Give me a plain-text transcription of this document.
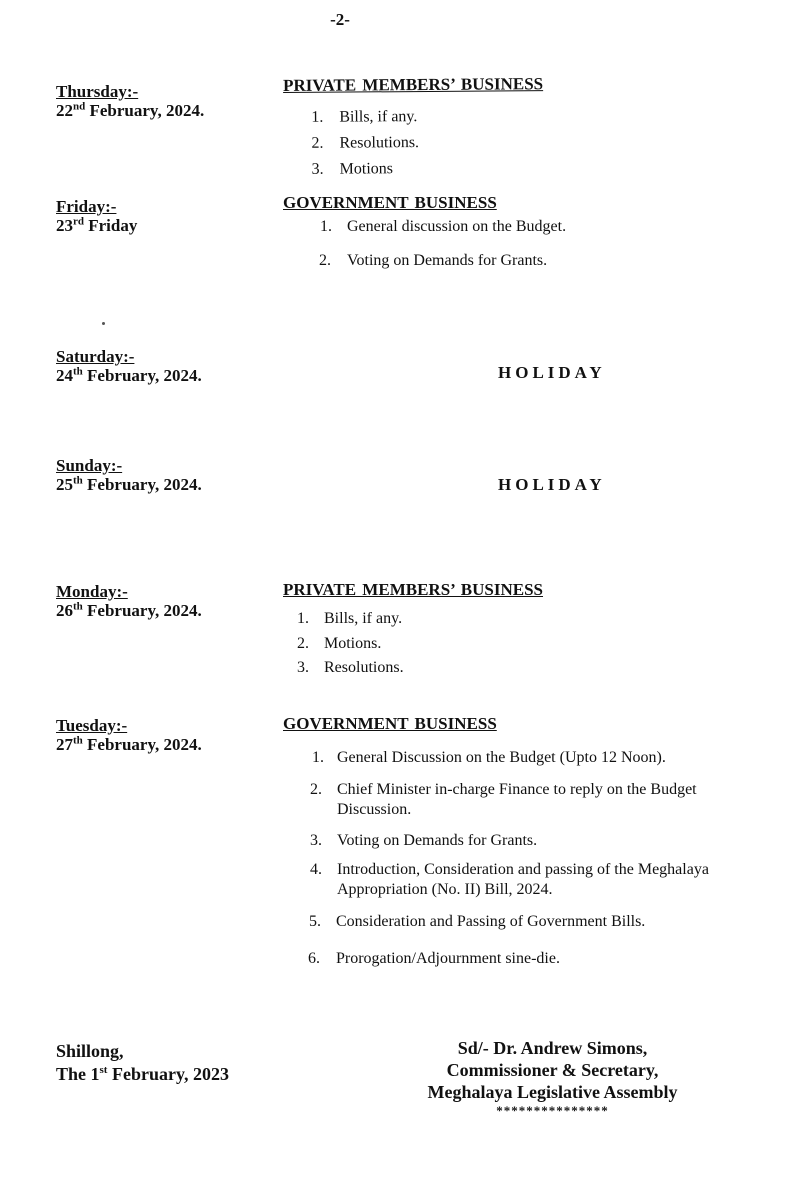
-2-
Thursday:-
22nd February, 2024.
PRIVATE MEMBERS’ BUSINESS
1. Bills, if any.
2. Resolutions.
3. Motions
Friday:-
23rd Friday
GOVERNMENT BUSINESS
1. General discussion on the Budget.
2.	Voting on Demands for Grants.
Saturday:-
24th February, 2024.	HOLIDAY
Sunday:-
25th February, 2024.	HOLIDAY
Monday:-
26th February, 2024.
PRIVATE MEMBERS’ BUSINESS
1. Bills, if any.
2. Motions.
3. Resolutions.
Tuesday:-
27th February, 2024.
GOVERNMENT BUSINESS
1. General Discussion on the Budget (Upto 12 Noon).
2. Chief Minister in-charge Finance to reply on the Budget Discussion.
3. Voting on Demands for Grants.
4. Introduction, Consideration and passing of the Meghalaya Appropriation (No. II) Bill, 2024.
5. Consideration and Passing of Government Bills.
6.	Prorogation/Adjournment sine-die.
Shillong,
The 1st February, 2023
Sd/- Dr. Andrew Simons,
Commissioner & Secretary,
Meghalaya Legislative Assembly
***************
